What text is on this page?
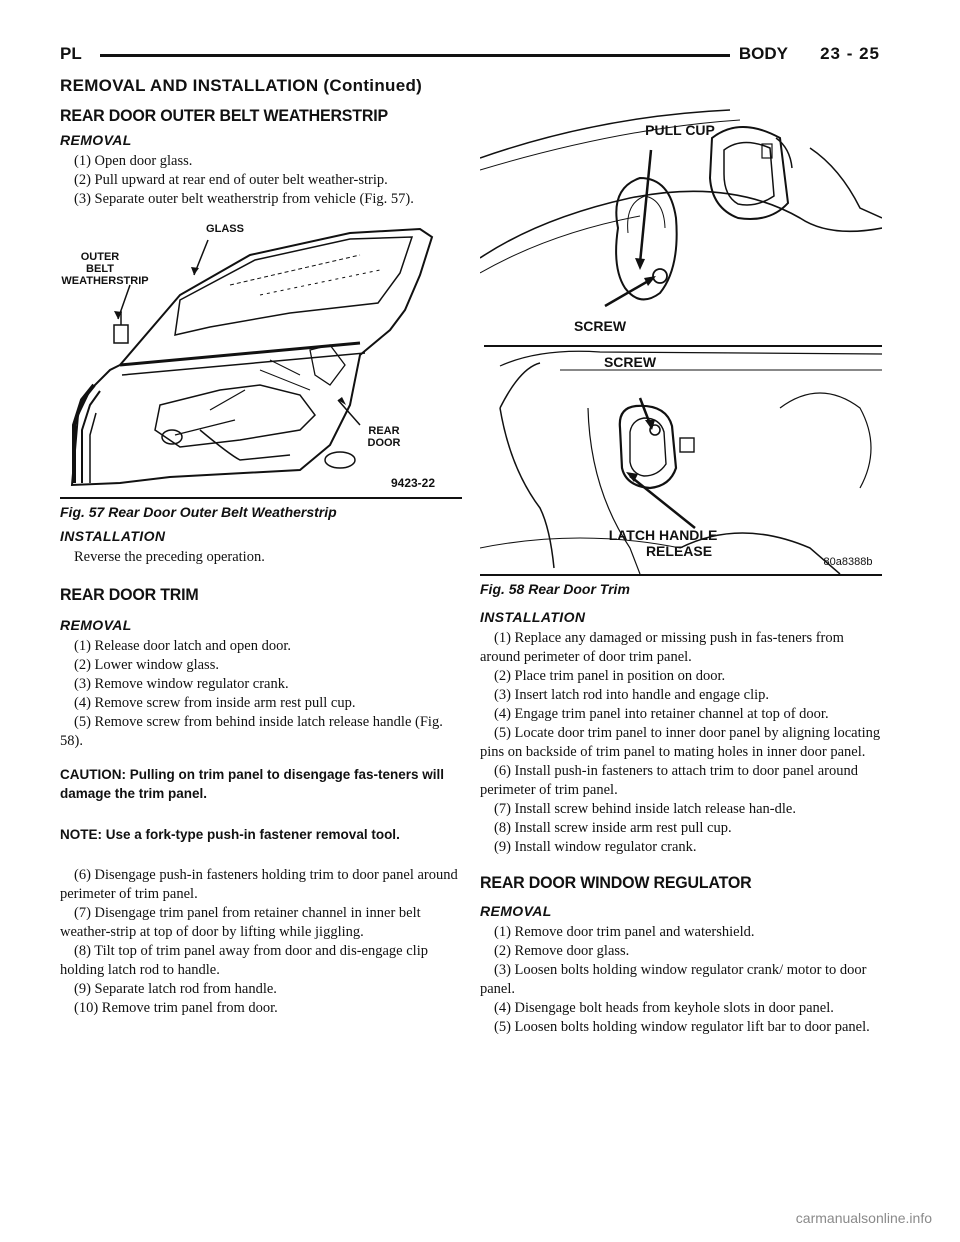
PL	BODY 23 - 25
REMOVAL AND INSTALLATION (Continued)
REAR DOOR OUTER BELT WEATHERSTRIP
REMOVAL

(1) Open door glass.

(2) Pull upward at rear end of outer belt weather-strip.

(3) Separate outer belt weatherstrip from vehicle (Fig. 57).

OUTER
BELT
WEATHERSTRIP
GLASS
REAR
DOOR
9423-22
Fig. 57 Rear Door Outer Belt Weatherstrip
INSTALLATION

Reverse the preceding operation.

REAR DOOR TRIM
REMOVAL

(1) Release door latch and open door.

(2) Lower window glass.

(3) Remove window regulator crank.

(4) Remove screw from inside arm rest pull cup.

(5) Remove screw from behind inside latch release handle (Fig. 58).

CAUTION: Pulling on trim panel to disengage fas-teners will damage the trim panel.

NOTE: Use a fork-type push-in fastener removal tool.

(6) Disengage push-in fasteners holding trim to door panel around perimeter of trim panel.

(7) Disengage trim panel from retainer channel in inner belt weather-strip at top of door by lifting while jiggling.

(8) Tilt top of trim panel away from door and dis-engage clip holding latch rod to handle.

(9) Separate latch rod from handle.

(10) Remove trim panel from door.

PULL CUP
SCREW
SCREW
LATCH HANDLE
RELEASE
80a8388b
Fig. 58 Rear Door Trim
INSTALLATION

(1) Replace any damaged or missing push in fas-teners from around perimeter of door trim panel.

(2) Place trim panel in position on door.

(3) Insert latch rod into handle and engage clip.

(4) Engage trim panel into retainer channel at top of door.

(5) Locate door trim panel to inner door panel by aligning locating pins on backside of trim panel to mating holes in inner door panel.

(6) Install push-in fasteners to attach trim to door panel around perimeter of trim panel.

(7) Install screw behind inside latch release han-dle.

(8) Install screw inside arm rest pull cup.

(9) Install window regulator crank.

REAR DOOR WINDOW REGULATOR
REMOVAL

(1) Remove door trim panel and watershield.

(2) Remove door glass.

(3) Loosen bolts holding window regulator crank/ motor to door panel.

(4) Disengage bolt heads from keyhole slots in door panel.

(5) Loosen bolts holding window regulator lift bar to door panel.

carmanualsonline.info
